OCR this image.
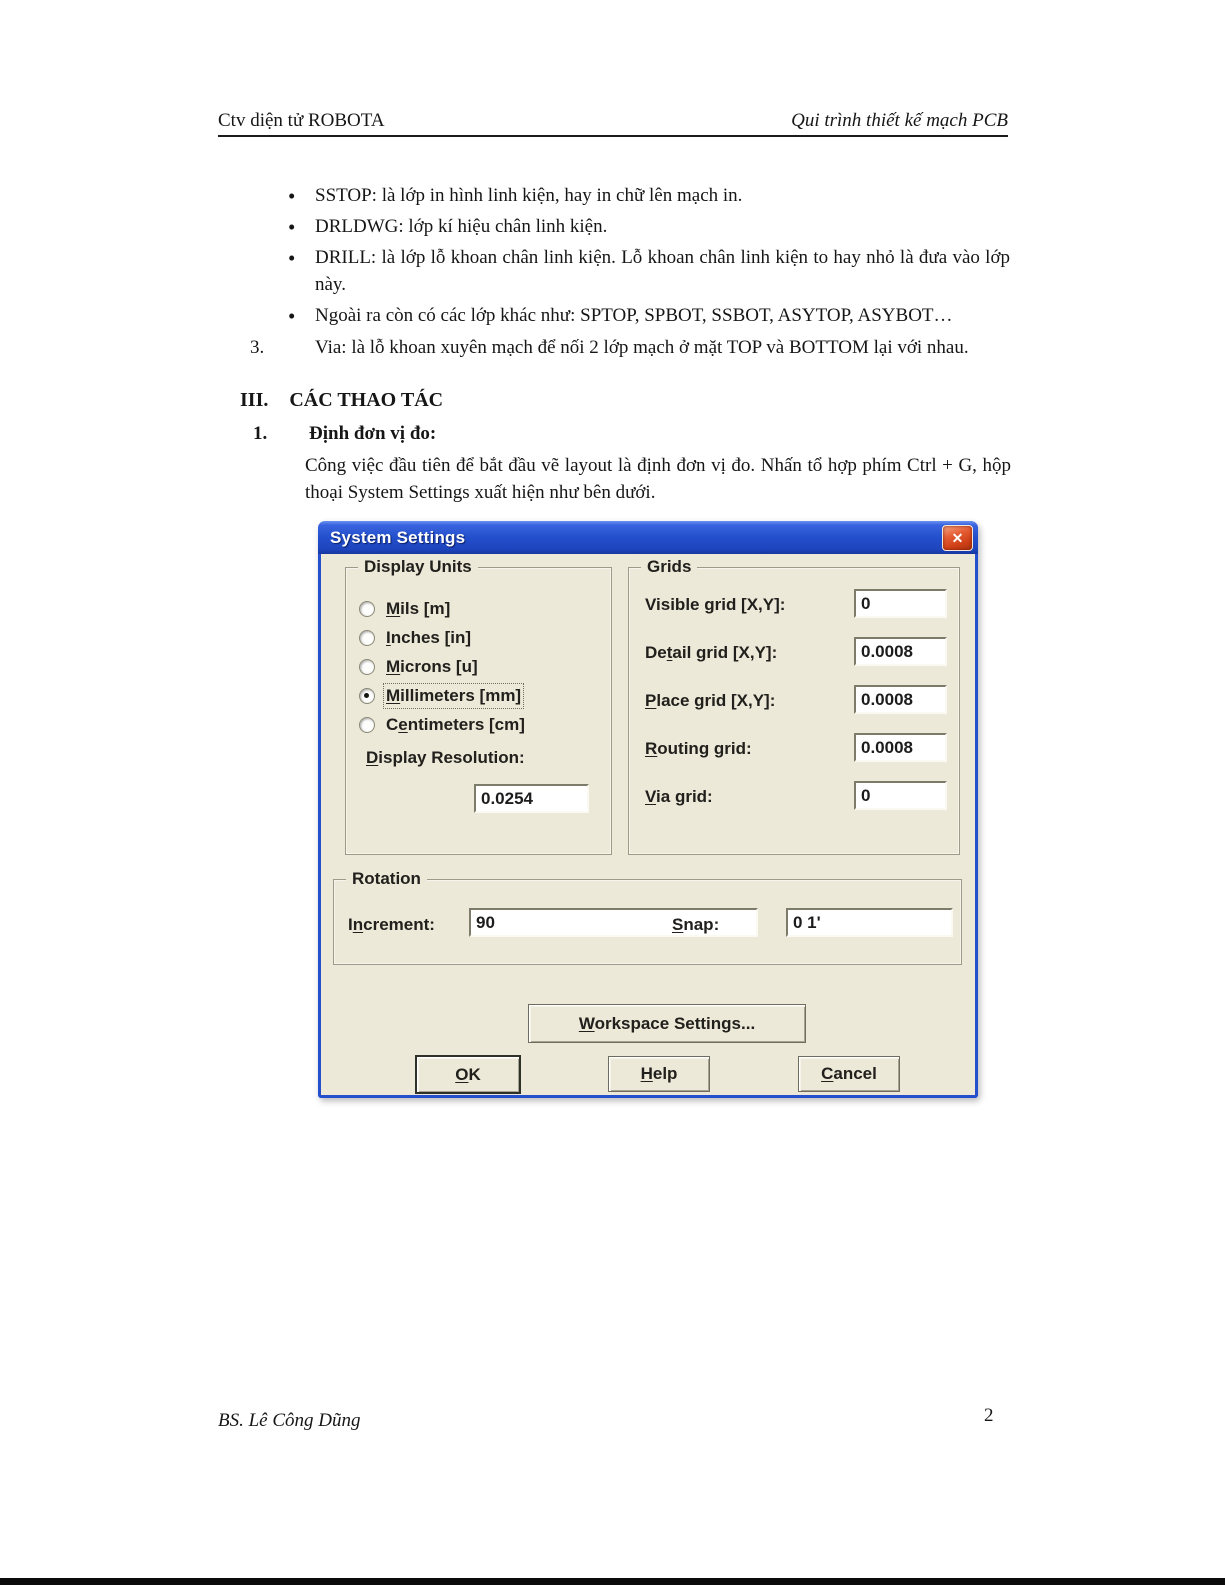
Ctv diện tử ROBOTA	Qui trình thiết kế mạch PCB
• SSTOP: là lớp in hình linh kiện, hay in chữ lên mạch in.
• DRLDWG: lớp kí hiệu chân linh kiện.
• DRILL: là lớp lỗ khoan chân linh kiện. Lỗ khoan chân linh kiện to hay nhỏ là đưa vào lớp này.
• Ngoài ra còn có các lớp khác như: SPTOP, SPBOT, SSBOT, ASYTOP, ASYBOT…
3.	Via: là lỗ khoan xuyên mạch để nối 2 lớp mạch ở mặt TOP và BOTTOM lại với nhau.
III. CÁC THAO TÁC
1. Định đơn vị đo:

Công việc đầu tiên để bắt đầu vẽ layout là định đơn vị đo. Nhấn tổ hợp phím Ctrl + G, hộp thoại System Settings xuất hiện như bên dưới.

System Settings	✕
Display Units
Mils [m]
Inches [in]
Microns [u]
Millimeters [mm]
Centimeters [cm]
Display Resolution:
0.0254
Grids
Visible grid [X,Y]:	0
Detail grid [X,Y]:	0.0008
Place grid [X,Y]:	0.0008
Routing grid:	0.0008
Via grid:	0
Rotation
Increment:	90	Snap:	0 1'
Workspace Settings...
OK	Help	Cancel
BS. Lê Công Dũng	2
